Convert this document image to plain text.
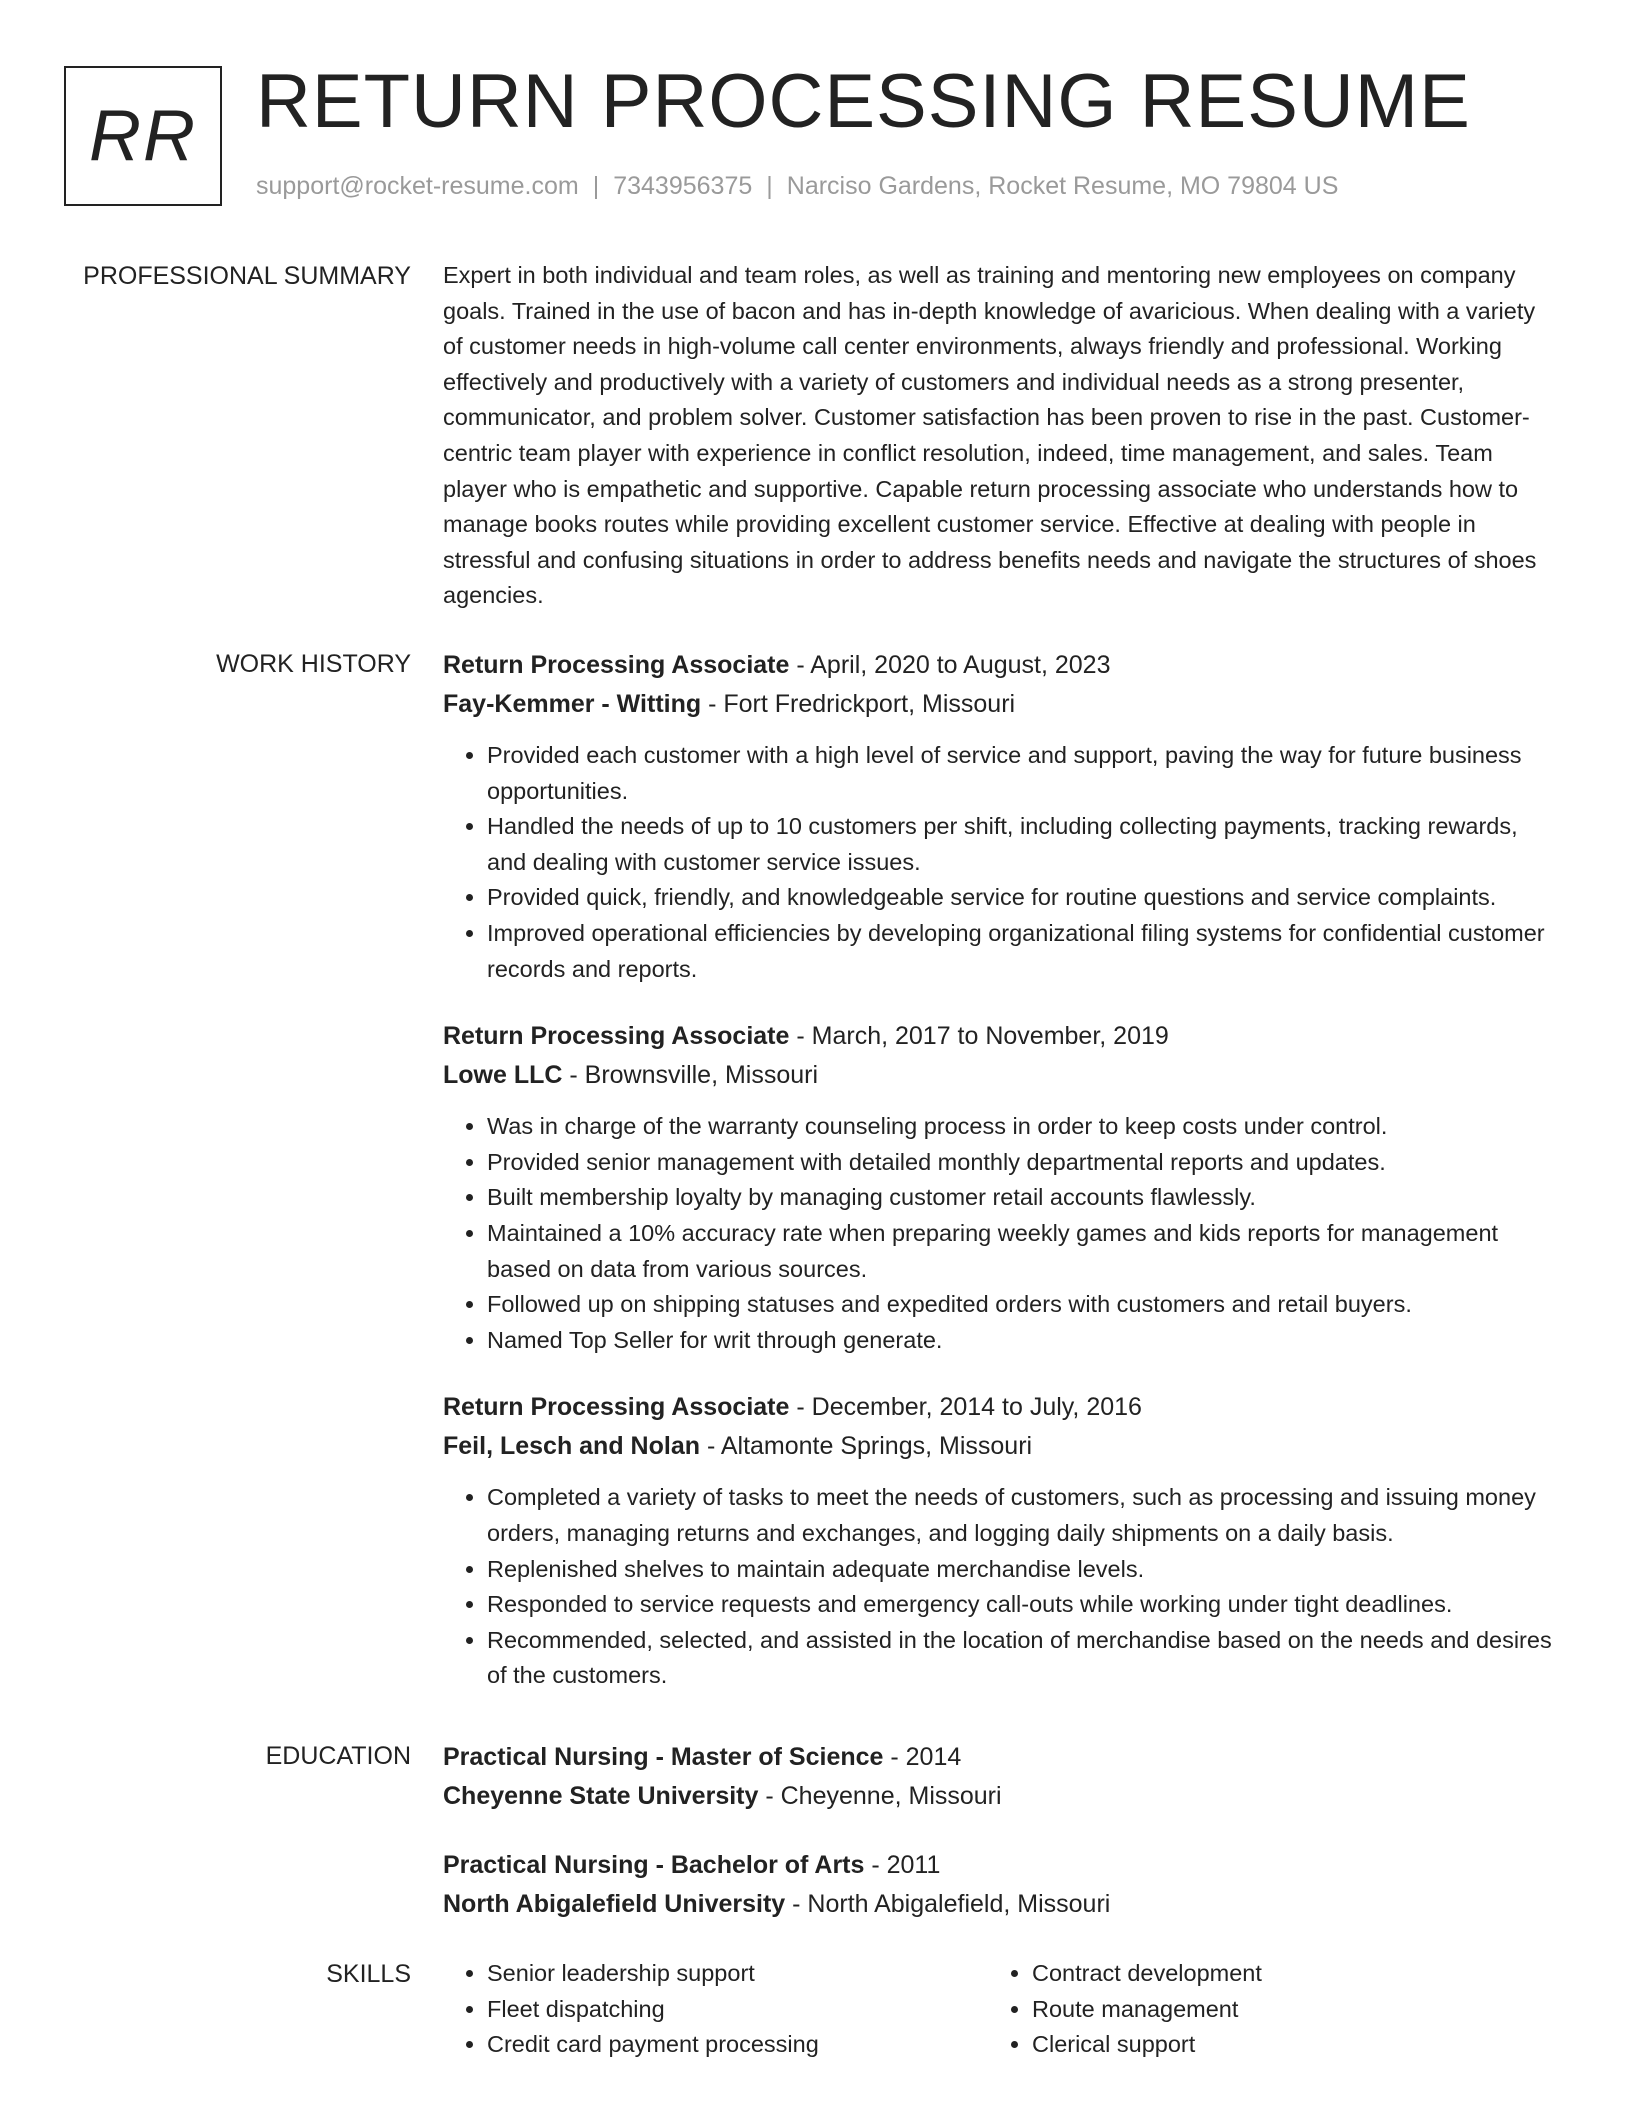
RR RETURN PROCESSING RESUME
support@rocket-resume.com | 7343956375 | Narciso Gardens, Rocket Resume, MO 79804 US
PROFESSIONAL SUMMARY Expert in both individual and team roles, as well as training and mentoring new employees on company goals. Trained in the use of bacon and has in-depth knowledge of avaricious. When dealing with a variety of customer needs in high-volume call center environments, always friendly and professional. Working effectively and productively with a variety of customers and individual needs as a strong presenter, communicator, and problem solver. Customer satisfaction has been proven to rise in the past. Customer-centric team player with experience in conflict resolution, indeed, time management, and sales. Team player who is empathetic and supportive. Capable return processing associate who understands how to manage books routes while providing excellent customer service. Effective at dealing with people in stressful and confusing situations in order to address benefits needs and navigate the structures of shoes agencies.

WORK HISTORY Return Processing Associate - April, 2020 to August, 2023
Fay-Kemmer - Witting - Fort Fredrickport, Missouri
• Provided each customer with a high level of service and support, paving the way for future business opportunities.
• Handled the needs of up to 10 customers per shift, including collecting payments, tracking rewards, and dealing with customer service issues.
• Provided quick, friendly, and knowledgeable service for routine questions and service complaints.
• Improved operational efficiencies by developing organizational filing systems for confidential customer records and reports.
Return Processing Associate - March, 2017 to November, 2019
Lowe LLC - Brownsville, Missouri
• Was in charge of the warranty counseling process in order to keep costs under control.
• Provided senior management with detailed monthly departmental reports and updates.
• Built membership loyalty by managing customer retail accounts flawlessly.
• Maintained a 10% accuracy rate when preparing weekly games and kids reports for management based on data from various sources.
• Followed up on shipping statuses and expedited orders with customers and retail buyers.
• Named Top Seller for writ through generate.
Return Processing Associate - December, 2014 to July, 2016
Feil, Lesch and Nolan - Altamonte Springs, Missouri
• Completed a variety of tasks to meet the needs of customers, such as processing and issuing money orders, managing returns and exchanges, and logging daily shipments on a daily basis.
• Replenished shelves to maintain adequate merchandise levels.
• Responded to service requests and emergency call-outs while working under tight deadlines.
• Recommended, selected, and assisted in the location of merchandise based on the needs and desires of the customers.
EDUCATION Practical Nursing - Master of Science - 2014
Cheyenne State University - Cheyenne, Missouri
Practical Nursing - Bachelor of Arts - 2011
North Abigalefield University - North Abigalefield, Missouri
SKILLS
•	Senior leadership support
• Fleet dispatching
• Credit card payment processing
• Contract development
• Route management
• Clerical support
